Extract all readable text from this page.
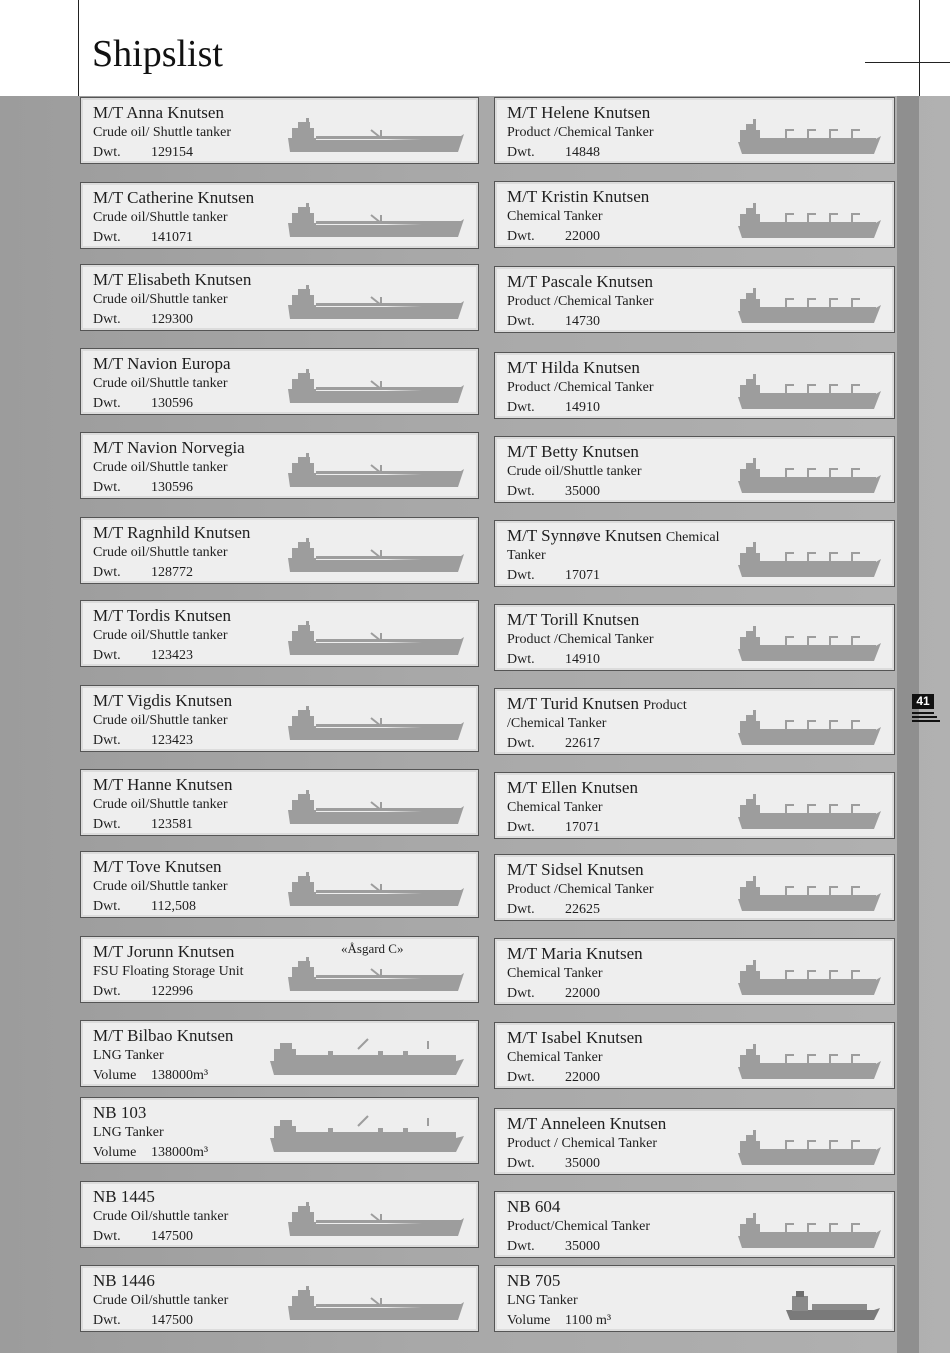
Shipslist
41
M/T Anna Knutsen
Crude oil/ Shuttle tanker
Dwt. 129154
M/T Catherine Knutsen
Crude oil/Shuttle tanker
Dwt. 141071
M/T Elisabeth Knutsen
Crude oil/Shuttle tanker
Dwt. 129300
M/T Navion Europa
Crude oil/Shuttle tanker
Dwt. 130596
M/T Navion Norvegia
Crude oil/Shuttle tanker
Dwt. 130596
M/T Ragnhild Knutsen
Crude oil/Shuttle tanker
Dwt. 128772
M/T Tordis Knutsen
Crude oil/Shuttle tanker
Dwt. 123423
M/T Vigdis Knutsen
Crude oil/Shuttle tanker
Dwt. 123423
M/T Hanne Knutsen
Crude oil/Shuttle tanker
Dwt. 123581
M/T Tove Knutsen
Crude oil/Shuttle tanker
Dwt. 112,508
M/T Jorunn Knutsen
FSU Floating Storage Unit
Dwt. 122996
«Åsgard C»
M/T Bilbao Knutsen
LNG Tanker
Volume 138000m³
NB 103
LNG Tanker
Volume 138000m³
NB 1445
Crude Oil/shuttle tanker
Dwt. 147500
NB 1446
Crude Oil/shuttle tanker
Dwt. 147500
M/T Helene Knutsen
Product /Chemical Tanker
Dwt. 14848
M/T Kristin Knutsen
Chemical Tanker
Dwt. 22000
M/T Pascale Knutsen
Product /Chemical Tanker
Dwt. 14730
M/T Hilda Knutsen
Product /Chemical Tanker
Dwt. 14910
M/T Betty Knutsen
Crude oil/Shuttle tanker
Dwt. 35000
M/T Synnøve Knutsen Chemical
Tanker
Dwt. 17071
M/T Torill Knutsen
Product /Chemical Tanker
Dwt. 14910
M/T Turid Knutsen Product
/Chemical Tanker
Dwt. 22617
M/T Ellen Knutsen
Chemical Tanker
Dwt. 17071
M/T Sidsel Knutsen
Product /Chemical Tanker
Dwt. 22625
M/T Maria Knutsen
Chemical Tanker
Dwt. 22000
M/T Isabel Knutsen
Chemical Tanker
Dwt. 22000
M/T Anneleen Knutsen
Product / Chemical Tanker
Dwt. 35000
NB 604
Product/Chemical Tanker
Dwt. 35000
NB 705
LNG Tanker
Volume 1100 m³
